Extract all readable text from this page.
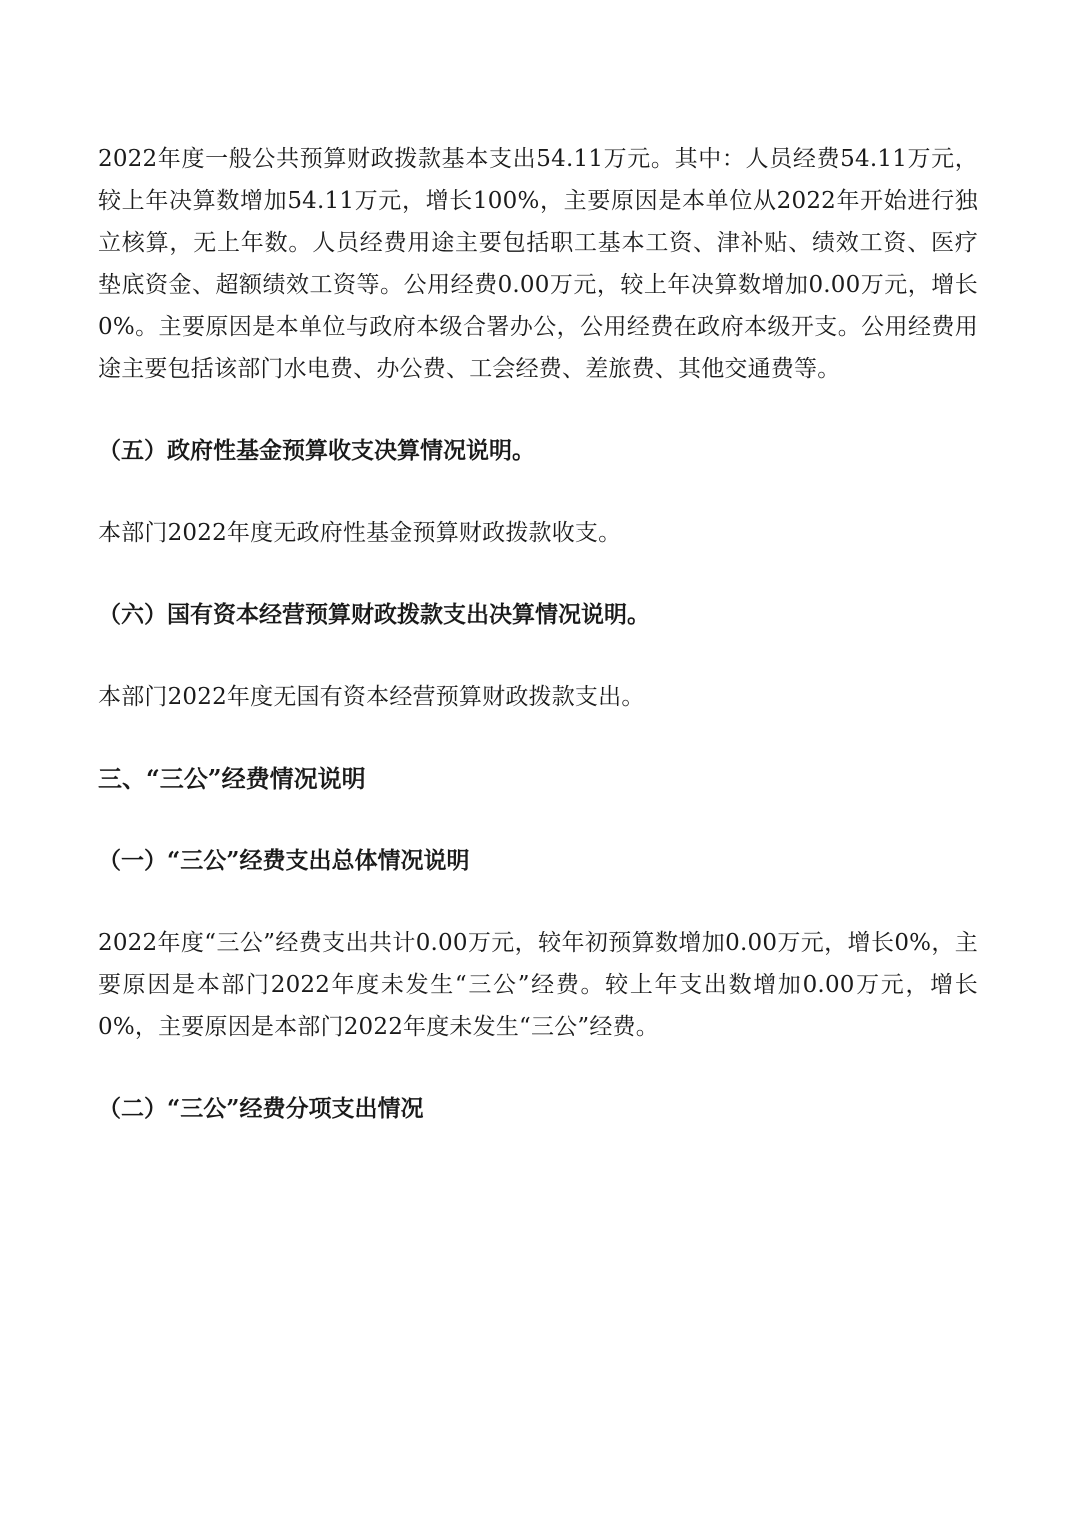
2022年度一般公共预算财政拨款基本支出54.11万元。其中：人员经费54.11万元，较上年决算数增加54.11万元，增长100%，主要原因是本单位从2022年开始进行独立核算，无上年数。人员经费用途主要包括职工基本工资、津补贴、绩效工资、医疗垫底资金、超额绩效工资等。公用经费0.00万元，较上年决算数增加0.00万元，增长0%。主要原因是本单位与政府本级合署办公，公用经费在政府本级开支。公用经费用途主要包括该部门水电费、办公费、工会经费、差旅费、其他交通费等。

（五）政府性基金预算收支决算情况说明。

本部门2022年度无政府性基金预算财政拨款收支。

（六）国有资本经营预算财政拨款支出决算情况说明。

本部门2022年度无国有资本经营预算财政拨款支出。

三、“三公”经费情况说明

（一）“三公”经费支出总体情况说明

2022年度“三公”经费支出共计0.00万元，较年初预算数增加0.00万元，增长0%，主要原因是本部门2022年度未发生“三公”经费。较上年支出数增加0.00万元，增长0%，主要原因是本部门2022年度未发生“三公”经费。

（二）“三公”经费分项支出情况
